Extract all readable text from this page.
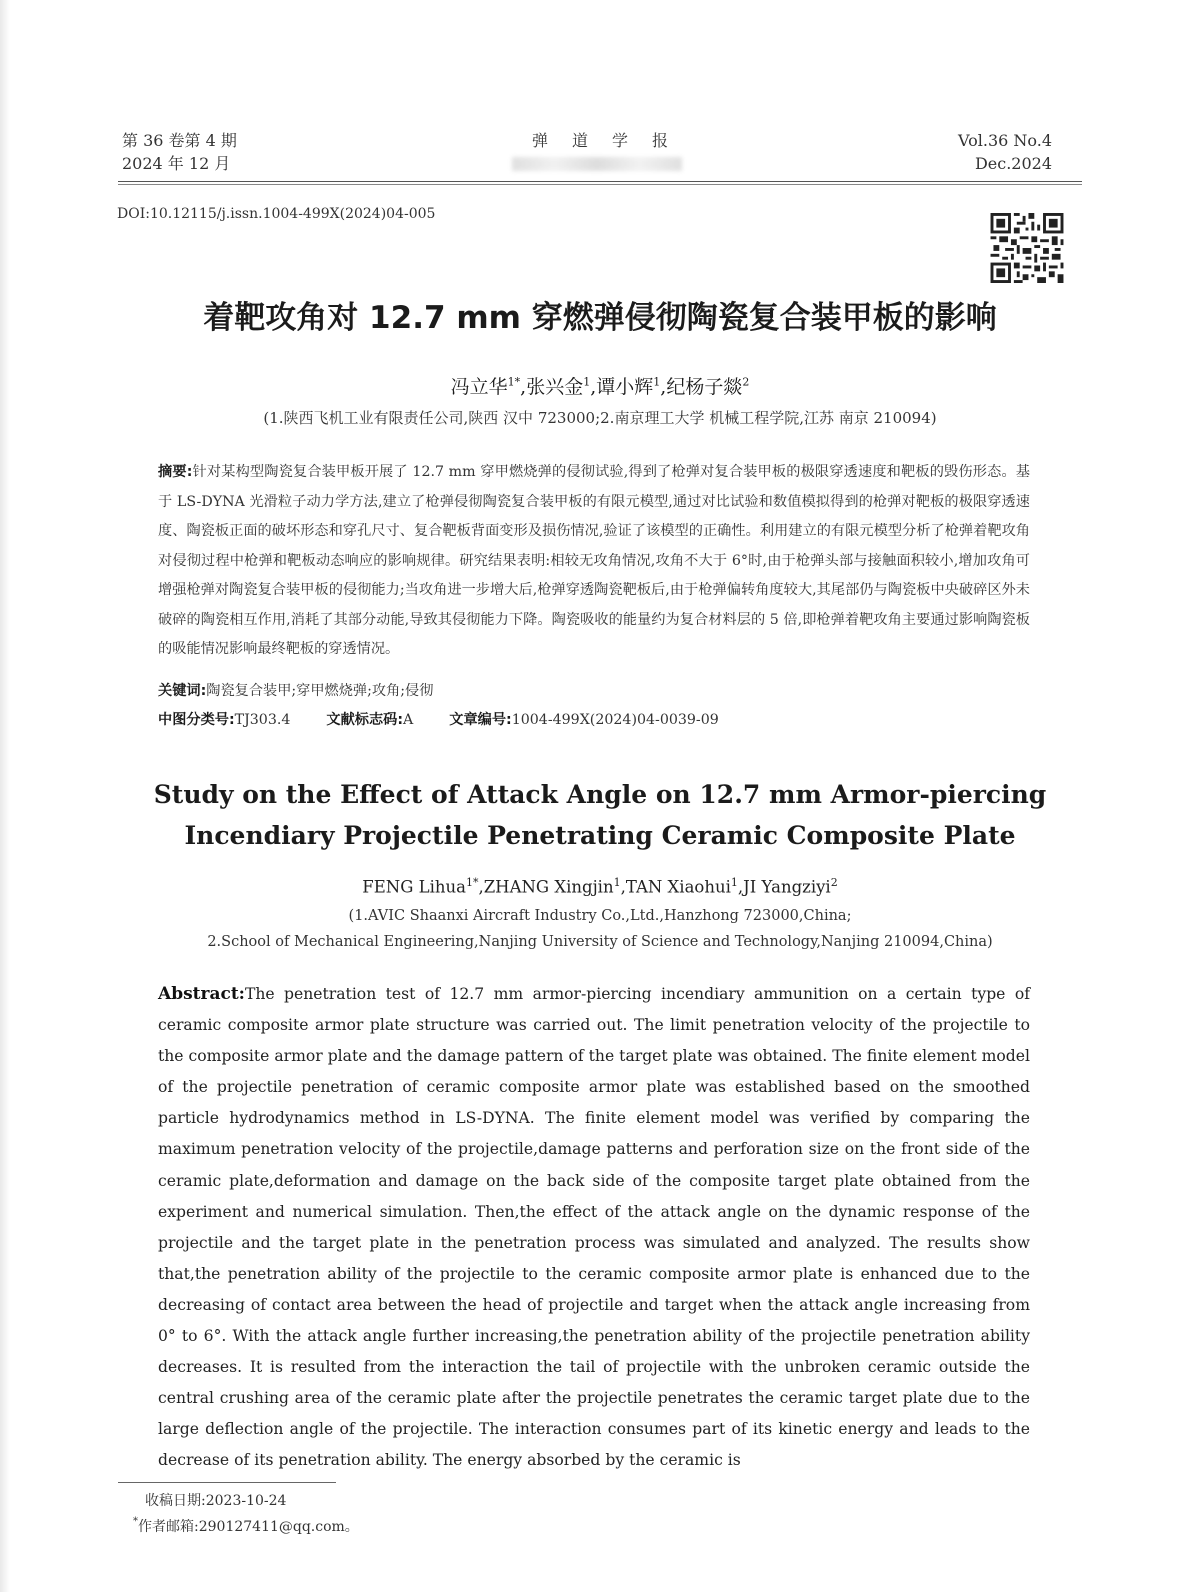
第 36 卷第 4 期
2024 年 12 月
弹道学报	Vol.36 No.4
Dec.2024
DOI:10.12115/j.issn.1004-499X(2024)04-005
着靶攻角对 12.7 mm 穿燃弹侵彻陶瓷复合装甲板的影响
冯立华$^{1*}$,张兴金$^1$,谭小辉$^1$,纪杨子燚$^2$
(1.陕西飞机工业有限责任公司,陕西 汉中 723000;2.南京理工大学 机械工程学院,江苏 南京 210094)
摘要:针对某构型陶瓷复合装甲板开展了 12.7 mm 穿甲燃烧弹的侵彻试验,得到了枪弹对复合装甲板的极限穿透速度和靶板的毁伤形态。基于 LS-DYNA 光滑粒子动力学方法,建立了枪弹侵彻陶瓷复合装甲板的有限元模型,通过对比试验和数值模拟得到的枪弹对靶板的极限穿透速度、陶瓷板正面的破坏形态和穿孔尺寸、复合靶板背面变形及损伤情况,验证了该模型的正确性。利用建立的有限元模型分析了枪弹着靶攻角对侵彻过程中枪弹和靶板动态响应的影响规律。研究结果表明:相较无攻角情况,攻角不大于 6°时,由于枪弹头部与接触面积较小,增加攻角可增强枪弹对陶瓷复合装甲板的侵彻能力;当攻角进一步增大后,枪弹穿透陶瓷靶板后,由于枪弹偏转角度较大,其尾部仍与陶瓷板中央破碎区外未破碎的陶瓷相互作用,消耗了其部分动能,导致其侵彻能力下降。陶瓷吸收的能量约为复合材料层的 5 倍,即枪弹着靶攻角主要通过影响陶瓷板的吸能情况影响最终靶板的穿透情况。
关键词:陶瓷复合装甲;穿甲燃烧弹;攻角;侵彻
中图分类号:TJ303.4	文献标志码:A	文章编号:1004-499X(2024)04-0039-09
Study on the Effect of Attack Angle on 12.7 mm Armor-piercing
Incendiary Projectile Penetrating Ceramic Composite Plate
FENG Lihua$^{1*}$,ZHANG Xingjin$^1$,TAN Xiaohui$^1$,JI Yangziyi$^2$
(1.AVIC Shaanxi Aircraft Industry Co.,Ltd.,Hanzhong 723000,China;
2.School of Mechanical Engineering,Nanjing University of Science and Technology,Nanjing 210094,China)
Abstract:The penetration test of 12.7 mm armor-piercing incendiary ammunition on a certain type of ceramic composite armor plate structure was carried out. The limit penetration velocity of the projectile to the composite armor plate and the damage pattern of the target plate was obtained. The finite element model of the projectile penetration of ceramic composite armor plate was established based on the smoothed particle hydrodynamics method in LS-DYNA. The finite element model was verified by comparing the maximum penetration velocity of the projectile,damage patterns and perforation size on the front side of the ceramic plate,deformation and damage on the back side of the composite target plate obtained from the experiment and numerical simulation. Then,the effect of the attack angle on the dynamic response of the projectile and the target plate in the penetration process was simulated and analyzed. The results show that,the penetration ability of the projectile to the ceramic composite armor plate is enhanced due to the decreasing of contact area between the head of projectile and target when the attack angle increasing from 0° to 6°. With the attack angle further increasing,the penetration ability of the projectile penetration ability decreases. It is resulted from the interaction the tail of projectile with the unbroken ceramic outside the central crushing area of the ceramic plate after the projectile penetrates the ceramic target plate due to the large deflection angle of the projectile. The interaction consumes part of its kinetic energy and leads to the decrease of its penetration ability. The energy absorbed by the ceramic is
收稿日期:2023-10-24
*作者邮箱:290127411@qq.com。
